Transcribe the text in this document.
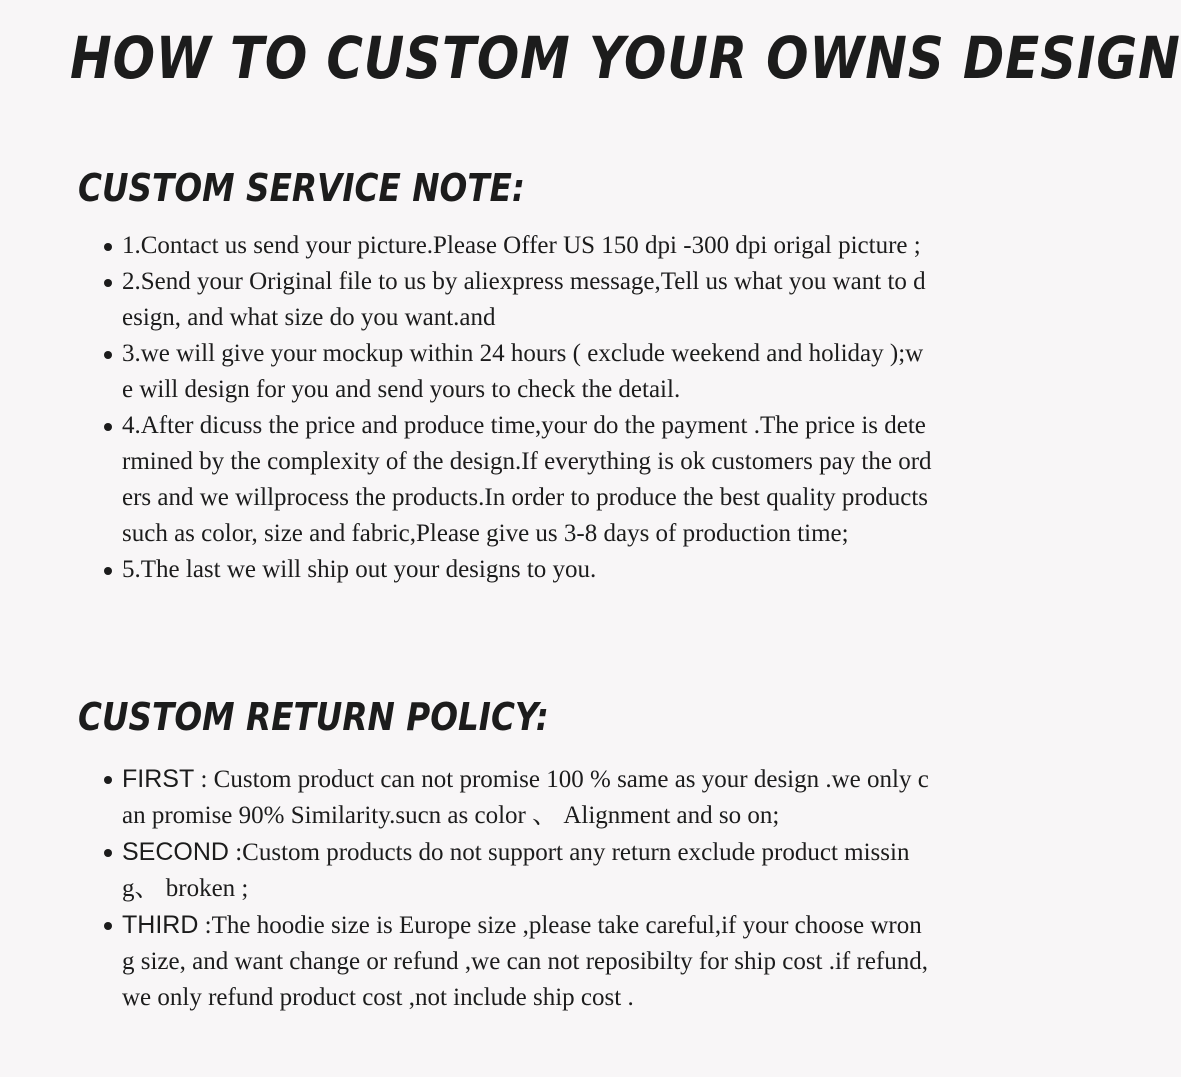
HOW TO CUSTOM YOUR OWNS DESIGN
CUSTOM SERVICE NOTE:
1.Contact us send your picture.Please Offer US 150 dpi -300 dpi origal picture ;
2.Send your Original file to us by aliexpress message,Tell us what you want to design, and what size do you want.and
3.we will give your mockup within 24 hours ( exclude weekend and holiday );we will design for you and send yours to check the detail.
4.After dicuss the price and produce time,your do the payment .The price is determined by the complexity of the design.If everything is ok customers pay the orders and we willprocess the products.In order to produce the best quality products such as color, size and fabric,Please give us 3-8 days of production time;
5.The last we will ship out your designs to you.
CUSTOM RETURN POLICY:
FIRST : Custom product can not promise 100 % same as your design .we only can promise 90% Similarity.sucn as color 、 Alignment and so on;
SECOND :Custom products do not support any return exclude product missing、 broken ;
THIRD :The hoodie size is Europe size ,please take careful,if your choose wrong size, and want change or refund ,we can not reposibilty for ship cost .if refund, we only refund product cost ,not include ship cost .
